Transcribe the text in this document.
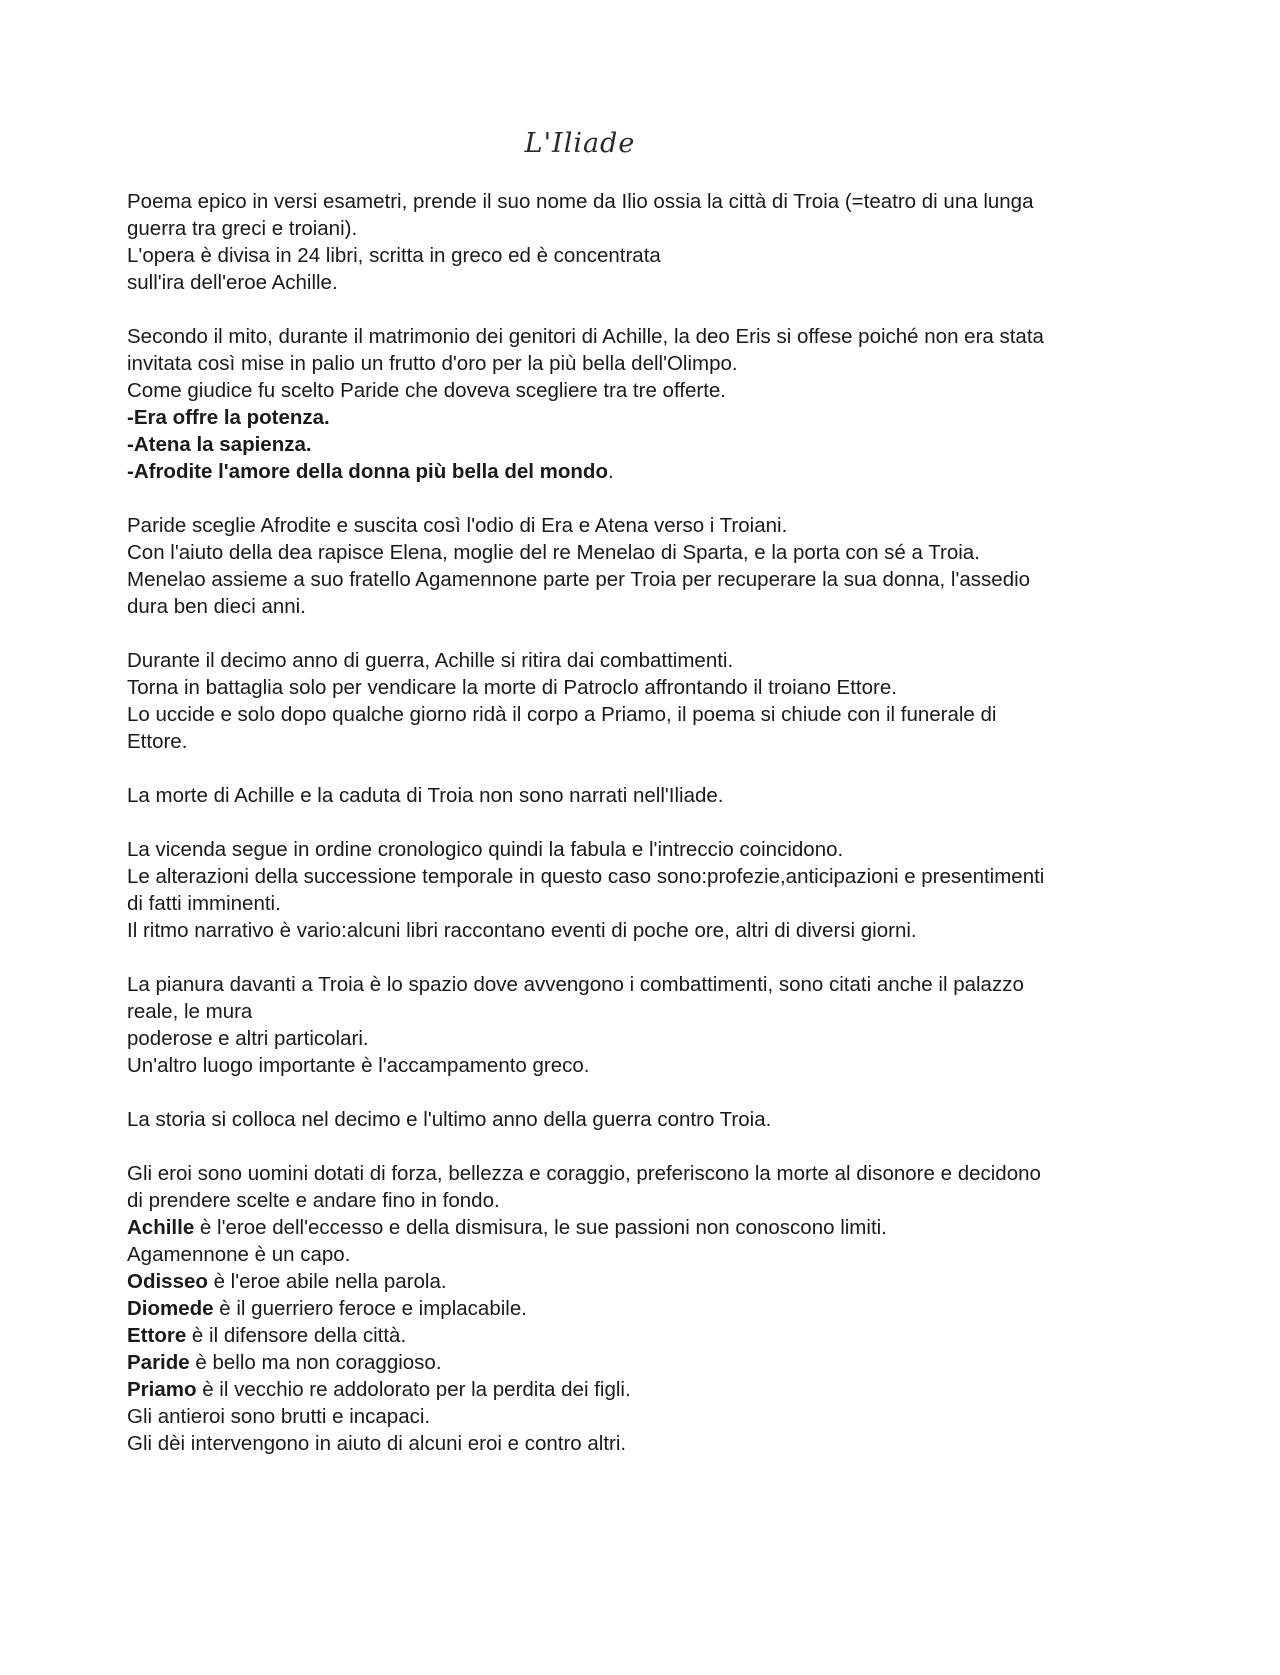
L'Iliade
Poema epico in versi esametri, prende il suo nome da Ilio ossia la città di Troia (=teatro di una lunga
guerra tra greci e troiani).
L'opera è divisa in 24 libri, scritta in greco ed è concentrata
sull'ira dell'eroe Achille.
Secondo il mito, durante il matrimonio dei genitori di Achille, la deo Eris si offese poiché non era stata
invitata così mise in palio un frutto d'oro per la più bella dell'Olimpo.
Come giudice fu scelto Paride che doveva scegliere tra tre offerte.
-Era offre la potenza.
-Atena la sapienza.
-Afrodite l'amore della donna più bella del mondo.
Paride sceglie Afrodite e suscita così l'odio di Era e Atena verso i Troiani.
Con l'aiuto della dea rapisce Elena, moglie del re Menelao di Sparta, e la porta con sé a Troia.
Menelao assieme a suo fratello Agamennone parte per Troia per recuperare la sua donna, l'assedio
dura ben dieci anni.
Durante il decimo anno di guerra, Achille si ritira dai combattimenti.
Torna in battaglia solo per vendicare la morte di Patroclo affrontando il troiano Ettore.
Lo uccide e solo dopo qualche giorno ridà il corpo a Priamo, il poema si chiude con il funerale di
Ettore.
La morte di Achille e la caduta di Troia non sono narrati nell'Iliade.
La vicenda segue in ordine cronologico quindi la fabula e l'intreccio coincidono.
Le alterazioni della successione temporale in questo caso sono:profezie,anticipazioni e presentimenti
di fatti imminenti.
Il ritmo narrativo è vario:alcuni libri raccontano eventi di poche ore, altri di diversi giorni.
La pianura davanti a Troia è lo spazio dove avvengono i combattimenti, sono citati anche il palazzo
reale, le mura
poderose e altri particolari.
Un'altro luogo importante è l'accampamento greco.
La storia si colloca nel decimo e l'ultimo anno della guerra contro Troia.
Gli eroi sono uomini dotati di forza, bellezza e coraggio, preferiscono la morte al disonore e decidono
di prendere scelte e andare fino in fondo.
Achille è l'eroe dell'eccesso e della dismisura, le sue passioni non conoscono limiti.
Agamennone è un capo.
Odisseo è l'eroe abile nella parola.
Diomede è il guerriero feroce e implacabile.
Ettore è il difensore della città.
Paride è bello ma non coraggioso.
Priamo è il vecchio re addolorato per la perdita dei figli.
Gli antieroi sono brutti e incapaci.
Gli dèi intervengono in aiuto di alcuni eroi e contro altri.
